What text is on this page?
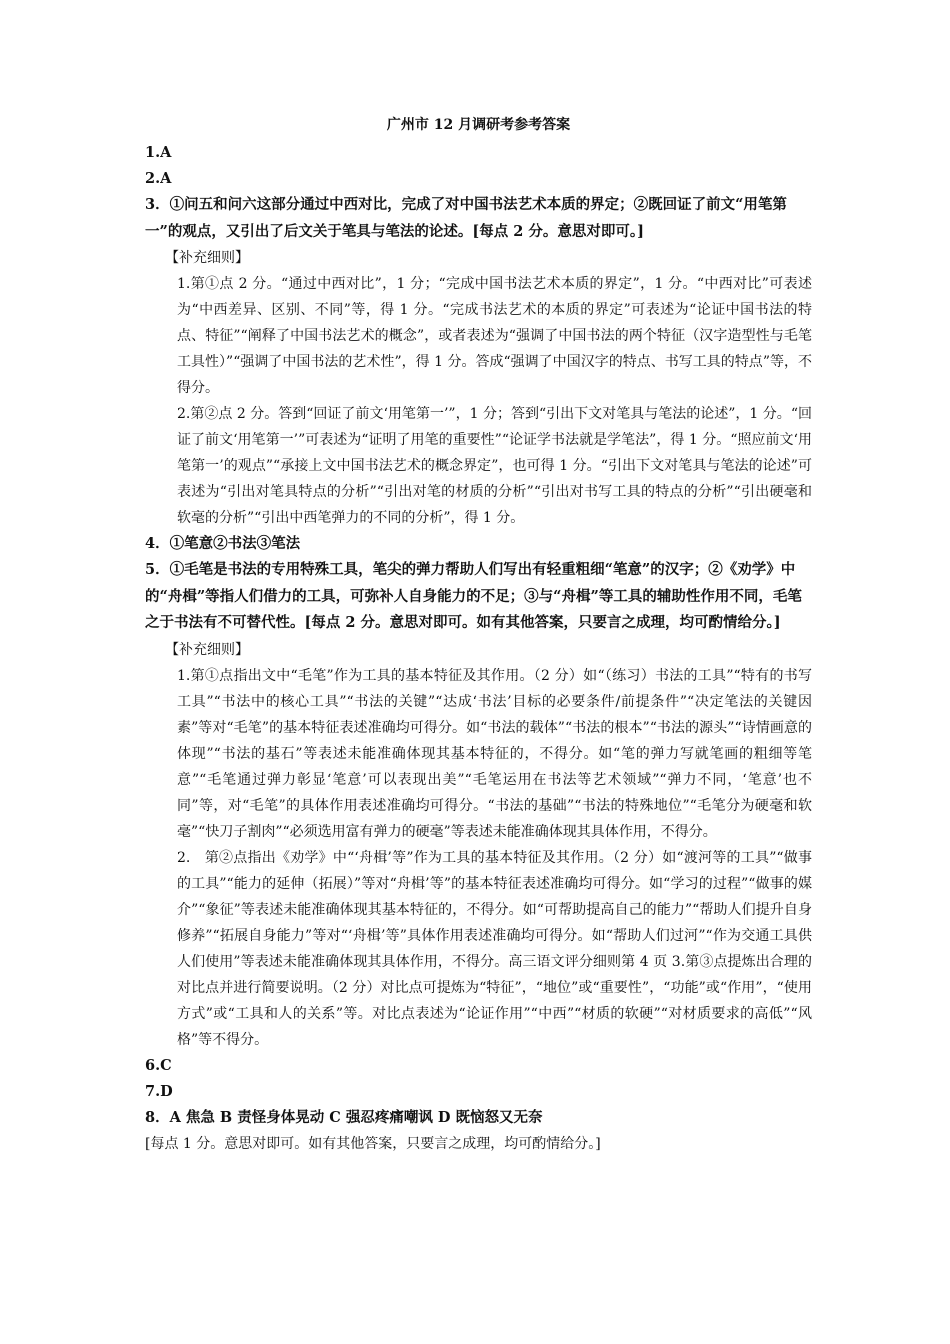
广州市 12 月调研考参考答案

1.A

2.A

3．①问五和问六这部分通过中西对比，完成了对中国书法艺术本质的界定；②既回证了前文“用笔第一”的观点，又引出了后文关于笔具与笔法的论述。[每点 2 分。意思对即可。]

【补充细则】

1.第①点 2 分。“通过中西对比”，1 分；“完成中国书法艺术本质的界定”，1 分。“中西对比”可表述为“中西差异、区别、不同”等，得 1 分。“完成书法艺术的本质的界定”可表述为“论证中国书法的特点、特征”“阐释了中国书法艺术的概念”，或者表述为“强调了中国书法的两个特征（汉字造型性与毛笔工具性）”“强调了中国书法的艺术性”，得 1 分。答成“强调了中国汉字的特点、书写工具的特点”等，不得分。

2.第②点 2 分。答到“回证了前文‘用笔第一’”，1 分；答到“引出下文对笔具与笔法的论述”，1 分。“回证了前文‘用笔第一’”可表述为“证明了用笔的重要性”“论证学书法就是学笔法”，得 1 分。“照应前文‘用笔第一’的观点”“承接上文中国书法艺术的概念界定”，也可得 1 分。“引出下文对笔具与笔法的论述”可表述为“引出对笔具特点的分析”“引出对笔的材质的分析”“引出对书写工具的特点的分析”“引出硬毫和软毫的分析”“引出中西笔弹力的不同的分析”，得 1 分。

4．①笔意②书法③笔法

5．①毛笔是书法的专用特殊工具，笔尖的弹力帮助人们写出有轻重粗细“笔意”的汉字；②《劝学》中的“舟楫”等指人们借力的工具，可弥补人自身能力的不足；③与“舟楫”等工具的辅助性作用不同，毛笔之于书法有不可替代性。[每点 2 分。意思对即可。如有其他答案，只要言之成理，均可酌情给分。]

【补充细则】

1.第①点指出文中“毛笔”作为工具的基本特征及其作用。（2 分）如“（练习）书法的工具”“特有的书写工具”“书法中的核心工具”“书法的关键”“达成‘书法’目标的必要条件/前提条件”“决定笔法的关键因素”等对“毛笔”的基本特征表述准确均可得分。如“书法的载体”“书法的根本”“书法的源头”“诗情画意的体现”“书法的基石”等表述未能准确体现其基本特征的，不得分。如“笔的弹力写就笔画的粗细等笔意”“毛笔通过弹力彰显‘笔意’可以表现出美”“毛笔运用在书法等艺术领域”“弹力不同，‘笔意’也不同”等，对“毛笔”的具体作用表述准确均可得分。“书法的基础”“书法的特殊地位”“毛笔分为硬毫和软毫”“快刀子割肉”“必须选用富有弹力的硬毫”等表述未能准确体现其具体作用，不得分。

2.　第②点指出《劝学》中“‘舟楫’等”作为工具的基本特征及其作用。（2 分）如“渡河等的工具”“做事的工具”“能力的延伸（拓展）”等对“舟楫’等”的基本特征表述准确均可得分。如“学习的过程”“做事的媒介”“象征”等表述未能准确体现其基本特征的，不得分。如“可帮助提高自己的能力”“帮助人们提升自身修养”“拓展自身能力”等对“‘舟楫’等”具体作用表述准确均可得分。如“帮助人们过河”“作为交通工具供人们使用”等表述未能准确体现其具体作用，不得分。高三语文评分细则第 4 页 3.第③点提炼出合理的对比点并进行简要说明。（2 分）对比点可提炼为“特征”，“地位”或“重要性”，“功能”或“作用”，“使用方式”或“工具和人的关系”等。对比点表述为“论证作用”“中西”“材质的软硬”“对材质要求的高低”“风格”等不得分。

6.C

7.D

8．A 焦急 B 责怪身体晃动 C 强忍疼痛嘲讽 D 既恼怒又无奈

[每点 1 分。意思对即可。如有其他答案，只要言之成理，均可酌情给分。]
